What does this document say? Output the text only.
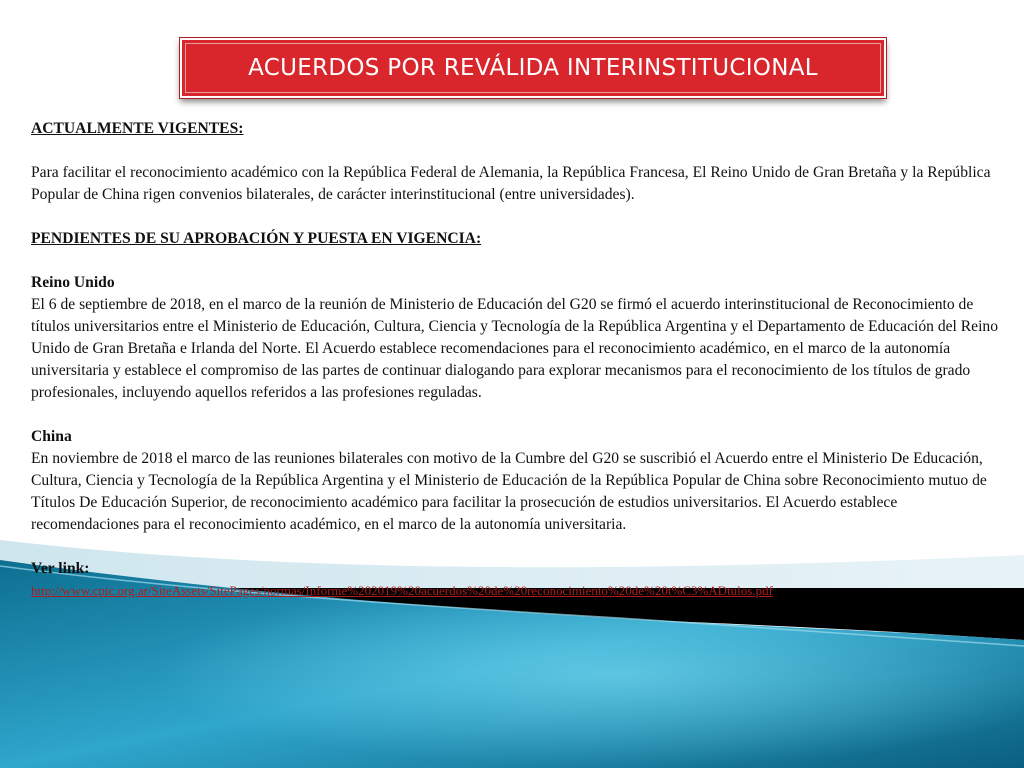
ACUERDOS POR REVÁLIDA INTERINSTITUCIONAL

ACTUALMENTE VIGENTES:

Para facilitar el reconocimiento académico con la República Federal de Alemania, la República Francesa, El Reino Unido de Gran Bretaña y la República Popular de China rigen convenios bilaterales, de carácter interinstitucional (entre universidades).

PENDIENTES DE SU APROBACIÓN Y PUESTA EN VIGENCIA:

Reino Unido

El 6 de septiembre de 2018, en el marco de la reunión de Ministerio de Educación del G20 se firmó el acuerdo interinstitucional de Reconocimiento de títulos universitarios entre el Ministerio de Educación, Cultura, Ciencia y Tecnología de la República Argentina y el Departamento de Educación del Reino Unido de Gran Bretaña e Irlanda del Norte. El Acuerdo establece recomendaciones para el reconocimiento académico, en el marco de la autonomía universitaria y establece el compromiso de las partes de continuar dialogando para explorar mecanismos para el reconocimiento de los títulos de grado profesionales, incluyendo aquellos referidos a las profesiones reguladas.

China

En noviembre de 2018 el marco de las reuniones bilaterales con motivo de la Cumbre del G20 se suscribió el Acuerdo entre el Ministerio De Educación, Cultura, Ciencia y Tecnología de la República Argentina y el Ministerio de Educación de la República Popular de China sobre Reconocimiento mutuo de Títulos De Educación Superior, de reconocimiento académico para facilitar la prosecución de estudios universitarios. El Acuerdo establece recomendaciones para el reconocimiento académico, en el marco de la autonomía universitaria.

Ver link:

http://www.cpic.org.ar/SiteAssets/SitePages/normas/Informe%202019%20acuerdos%20de%20reconocimiento%20de%20t%C3%ADtulos.pdf
